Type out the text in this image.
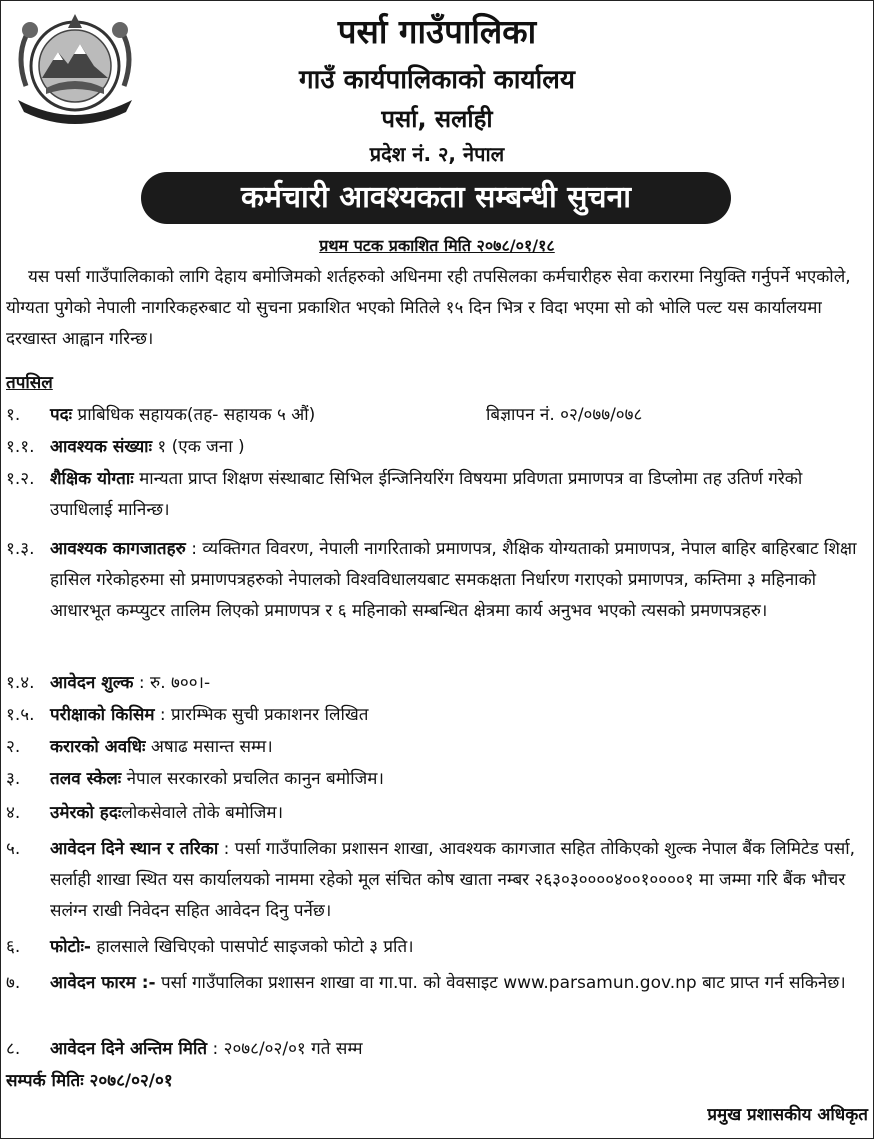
पर्सा गाउँपालिका
गाउँ कार्यपालिकाको कार्यालय
पर्सा, सर्लाही
प्रदेश नं. २, नेपाल
कर्मचारी आवश्यकता सम्बन्धी सुचना
प्रथम पटक प्रकाशित मिति २०७८/०१/१८

यस पर्सा गाउँपालिकाको लागि देहाय बमोजिमको शर्तहरुको अधिनमा रही तपसिलका कर्मचारीहरु सेवा करारमा नियुक्ति गर्नुपर्ने भएकोले, योग्यता पुगेको नेपाली नागरिकहरुबाट यो सुचना प्रकाशित भएको मितिले १५ दिन भित्र र विदा भएमा सो को भोलि पल्ट यस कार्यालयमा दरखास्त आह्वान गरिन्छ।

तपसिल
१.	पदः प्राबिधिक सहायक(तह- सहायक ५ औं)	बिज्ञापन नं. ०२/०७७/०७८
१.१. आवश्यक संख्याः १ (एक जना )
१.२. शैक्षिक योग्ताः मान्यता प्राप्त शिक्षण संस्थाबाट सिभिल ईन्जिनियरिंग विषयमा प्रविणता प्रमाणपत्र वा डिप्लोमा तह उतिर्ण गरेको उपाधिलाई मानिन्छ।
१.३. आवश्यक कागजातहरु : व्यक्तिगत विवरण, नेपाली नागरिताको प्रमाणपत्र, शैक्षिक योग्यताको प्रमाणपत्र, नेपाल बाहिर बाहिरबाट शिक्षा हासिल गरेकोहरुमा सो प्रमाणपत्रहरुको नेपालको विश्वविधालयबाट समकक्षता निर्धारण गराएको प्रमाणपत्र, कम्तिमा ३ महिनाको आधारभूत कम्प्युटर तालिम लिएको प्रमाणपत्र र ६ महिनाको सम्बन्धित क्षेत्रमा कार्य अनुभव भएको त्यसको प्रमणपत्रहरु।
१.४. आवेदन शुल्क : रु. ७००।-
१.५. परीक्षाको किसिम : प्रारम्भिक सुची प्रकाशनर लिखित
२.	करारको अवधिः अषाढ मसान्त सम्म।
३.	तलव स्केलः नेपाल सरकारको प्रचलित कानुन बमोजिम।
४.	उमेरको हदःलोकसेवाले तोके बमोजिम।
५.	आवेदन दिने स्थान र तरिका : पर्सा गाउँपालिका प्रशासन शाखा, आवश्यक कागजात सहित तोकिएको शुल्क नेपाल बैंक लिमिटेड पर्सा, सर्लाही शाखा स्थित यस कार्यालयको नाममा रहेको मूल संचित कोष खाता नम्बर २६३०३००००४००१००००१ मा जम्मा गरि बैंक भौचर सलंग्न राखी निवेदन सहित आवेदन दिनु पर्नेछ।
६.	फोटोः- हालसाले खिचिएको पासपोर्ट साइजको फोटो ३ प्रति।
७.	आवेदन फारम :- पर्सा गाउँपालिका प्रशासन शाखा वा गा.पा. को वेवसाइट www.parsamun.gov.np बाट प्राप्त गर्न सकिनेछ।
८.	आवेदन दिने अन्तिम मिति : २०७८/०२/०१ गते सम्म
सम्पर्क मितिः २०७८/०२/०१
प्रमुख प्रशासकीय अधिकृत
